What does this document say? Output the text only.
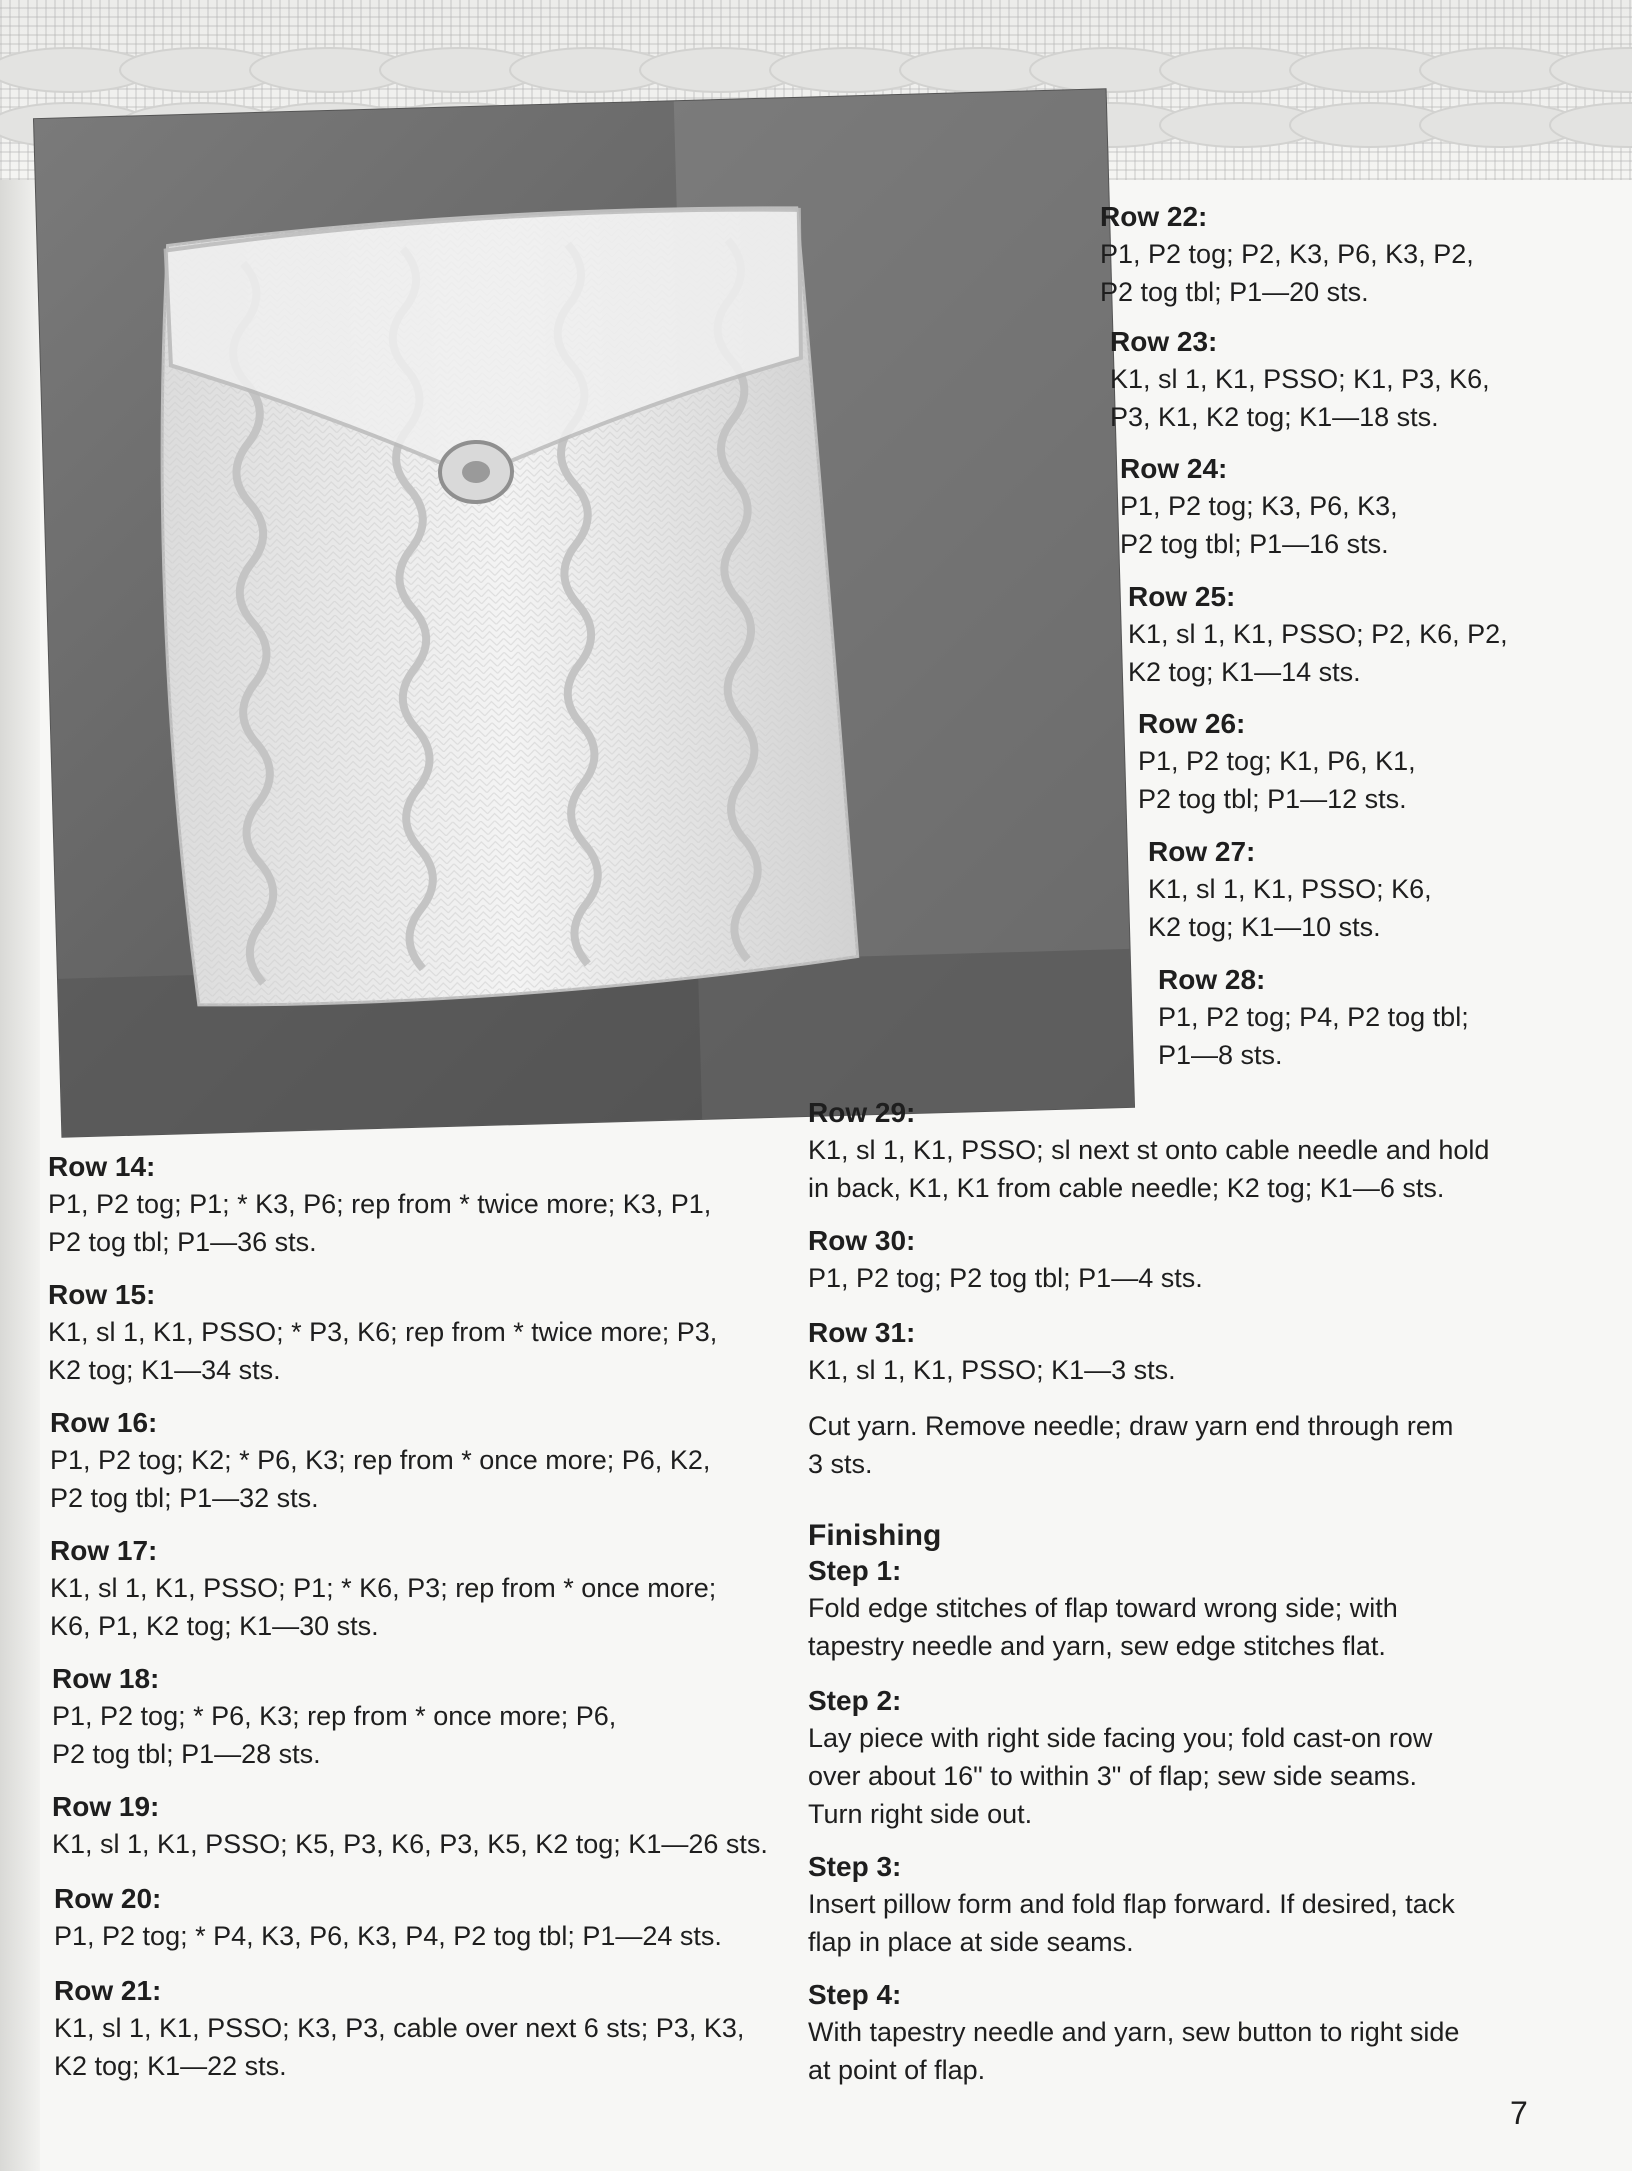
Row 22:

P1, P2 tog; P2, K3, P6, K3, P2,

P2 tog tbl; P1—20 sts.

Row 23:

K1, sl 1, K1, PSSO; K1, P3, K6,

P3, K1, K2 tog; K1—18 sts.

Row 24:

P1, P2 tog; K3, P6, K3,

P2 tog tbl; P1—16 sts.

Row 25:

K1, sl 1, K1, PSSO; P2, K6, P2,

K2 tog; K1—14 sts.

Row 26:

P1, P2 tog; K1, P6, K1,

P2 tog tbl; P1—12 sts.

Row 27:

K1, sl 1, K1, PSSO; K6,

K2 tog; K1—10 sts.

Row 28:

P1, P2 tog; P4, P2 tog tbl;

P1—8 sts.

Row 14:

P1, P2 tog; P1; * K3, P6; rep from * twice more; K3, P1,

P2 tog tbl; P1—36 sts.

Row 15:

K1, sl 1, K1, PSSO; * P3, K6; rep from * twice more; P3,

K2 tog; K1—34 sts.

Row 16:

P1, P2 tog; K2; * P6, K3; rep from * once more; P6, K2,

P2 tog tbl; P1—32 sts.

Row 17:

K1, sl 1, K1, PSSO; P1; * K6, P3; rep from * once more;

K6, P1, K2 tog; K1—30 sts.

Row 18:

P1, P2 tog; * P6, K3; rep from * once more; P6,

P2 tog tbl; P1—28 sts.

Row 19:

K1, sl 1, K1, PSSO; K5, P3, K6, P3, K5, K2 tog; K1—26 sts.

Row 20:

P1, P2 tog; * P4, K3, P6, K3, P4, P2 tog tbl; P1—24 sts.

Row 21:

K1, sl 1, K1, PSSO; K3, P3, cable over next 6 sts; P3, K3,

K2 tog; K1—22 sts.

Row 29:

K1, sl 1, K1, PSSO; sl next st onto cable needle and hold

in back, K1, K1 from cable needle; K2 tog; K1—6 sts.

Row 30:

P1, P2 tog; P2 tog tbl; P1—4 sts.

Row 31:

K1, sl 1, K1, PSSO; K1—3 sts.

Cut yarn. Remove needle; draw yarn end through rem

3 sts.

Finishing

Step 1:

Fold edge stitches of flap toward wrong side; with

tapestry needle and yarn, sew edge stitches flat.

Step 2:

Lay piece with right side facing you; fold cast-on row

over about 16" to within 3" of flap; sew side seams.

Turn right side out.

Step 3:

Insert pillow form and fold flap forward. If desired, tack

flap in place at side seams.

Step 4:

With tapestry needle and yarn, sew button to right side

at point of flap.

7
